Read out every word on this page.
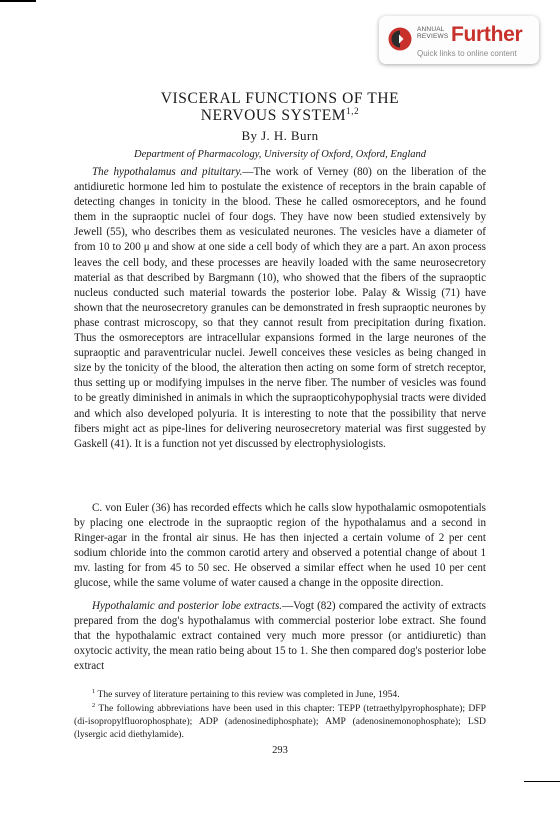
ANNUAL
REVIEWS Further
Quick links to online content
VISCERAL FUNCTIONS OF THE
NERVOUS SYSTEM$^{1,2}$
By J. H. Burn
Department of Pharmacology, University of Oxford, Oxford, England

The hypothalamus and pituitary.—The work of Verney (80) on the liberation of the antidiuretic hormone led him to postulate the existence of receptors in the brain capable of detecting changes in tonicity in the blood. These he called osmoreceptors, and he found them in the supraoptic nuclei of four dogs. They have now been studied extensively by Jewell (55), who describes them as vesiculated neurones. The vesicles have a diameter of from 10 to 200 μ and show at one side a cell body of which they are a part. An axon process leaves the cell body, and these processes are heavily loaded with the same neurosecretory material as that described by Bargmann (10), who showed that the fibers of the supraoptic nucleus conducted such material towards the posterior lobe. Palay & Wissig (71) have shown that the neurosecretory granules can be demonstrated in fresh supraoptic neurones by phase contrast microscopy, so that they cannot result from precipitation during fixation. Thus the osmoreceptors are intracellular expansions formed in the large neurones of the supraoptic and paraventricular nuclei. Jewell conceives these vesicles as being changed in size by the tonicity of the blood, the alteration then acting on some form of stretch receptor, thus setting up or modifying impulses in the nerve fiber. The number of vesicles was found to be greatly diminished in animals in which the supraopticohypophysial tracts were divided and which also developed polyuria. It is interesting to note that the possibility that nerve fibers might act as pipe-lines for delivering neurosecretory material was first suggested by Gaskell (41). It is a function not yet discussed by electrophysiologists.

C. von Euler (36) has recorded effects which he calls slow hypothalamic osmopotentials by placing one electrode in the supraoptic region of the hypothalamus and a second in Ringer-agar in the frontal air sinus. He has then injected a certain volume of 2 per cent sodium chloride into the common carotid artery and observed a potential change of about 1 mv. lasting for from 45 to 50 sec. He observed a similar effect when he used 10 per cent glucose, while the same volume of water caused a change in the opposite direction.

Hypothalamic and posterior lobe extracts.—Vogt (82) compared the activity of extracts prepared from the dog's hypothalamus with commercial posterior lobe extract. She found that the hypothalamic extract contained very much more pressor (or antidiuretic) than oxytocic activity, the mean ratio being about 15 to 1. She then compared dog's posterior lobe extract

$^1$ The survey of literature pertaining to this review was completed in June, 1954.

$^2$ The following abbreviations have been used in this chapter: TEPP (tetraethylpyrophosphate); DFP (di-isopropylfluorophosphate); ADP (adenosinediphosphate); AMP (adenosinemonophosphate); LSD (lysergic acid diethylamide).

293
